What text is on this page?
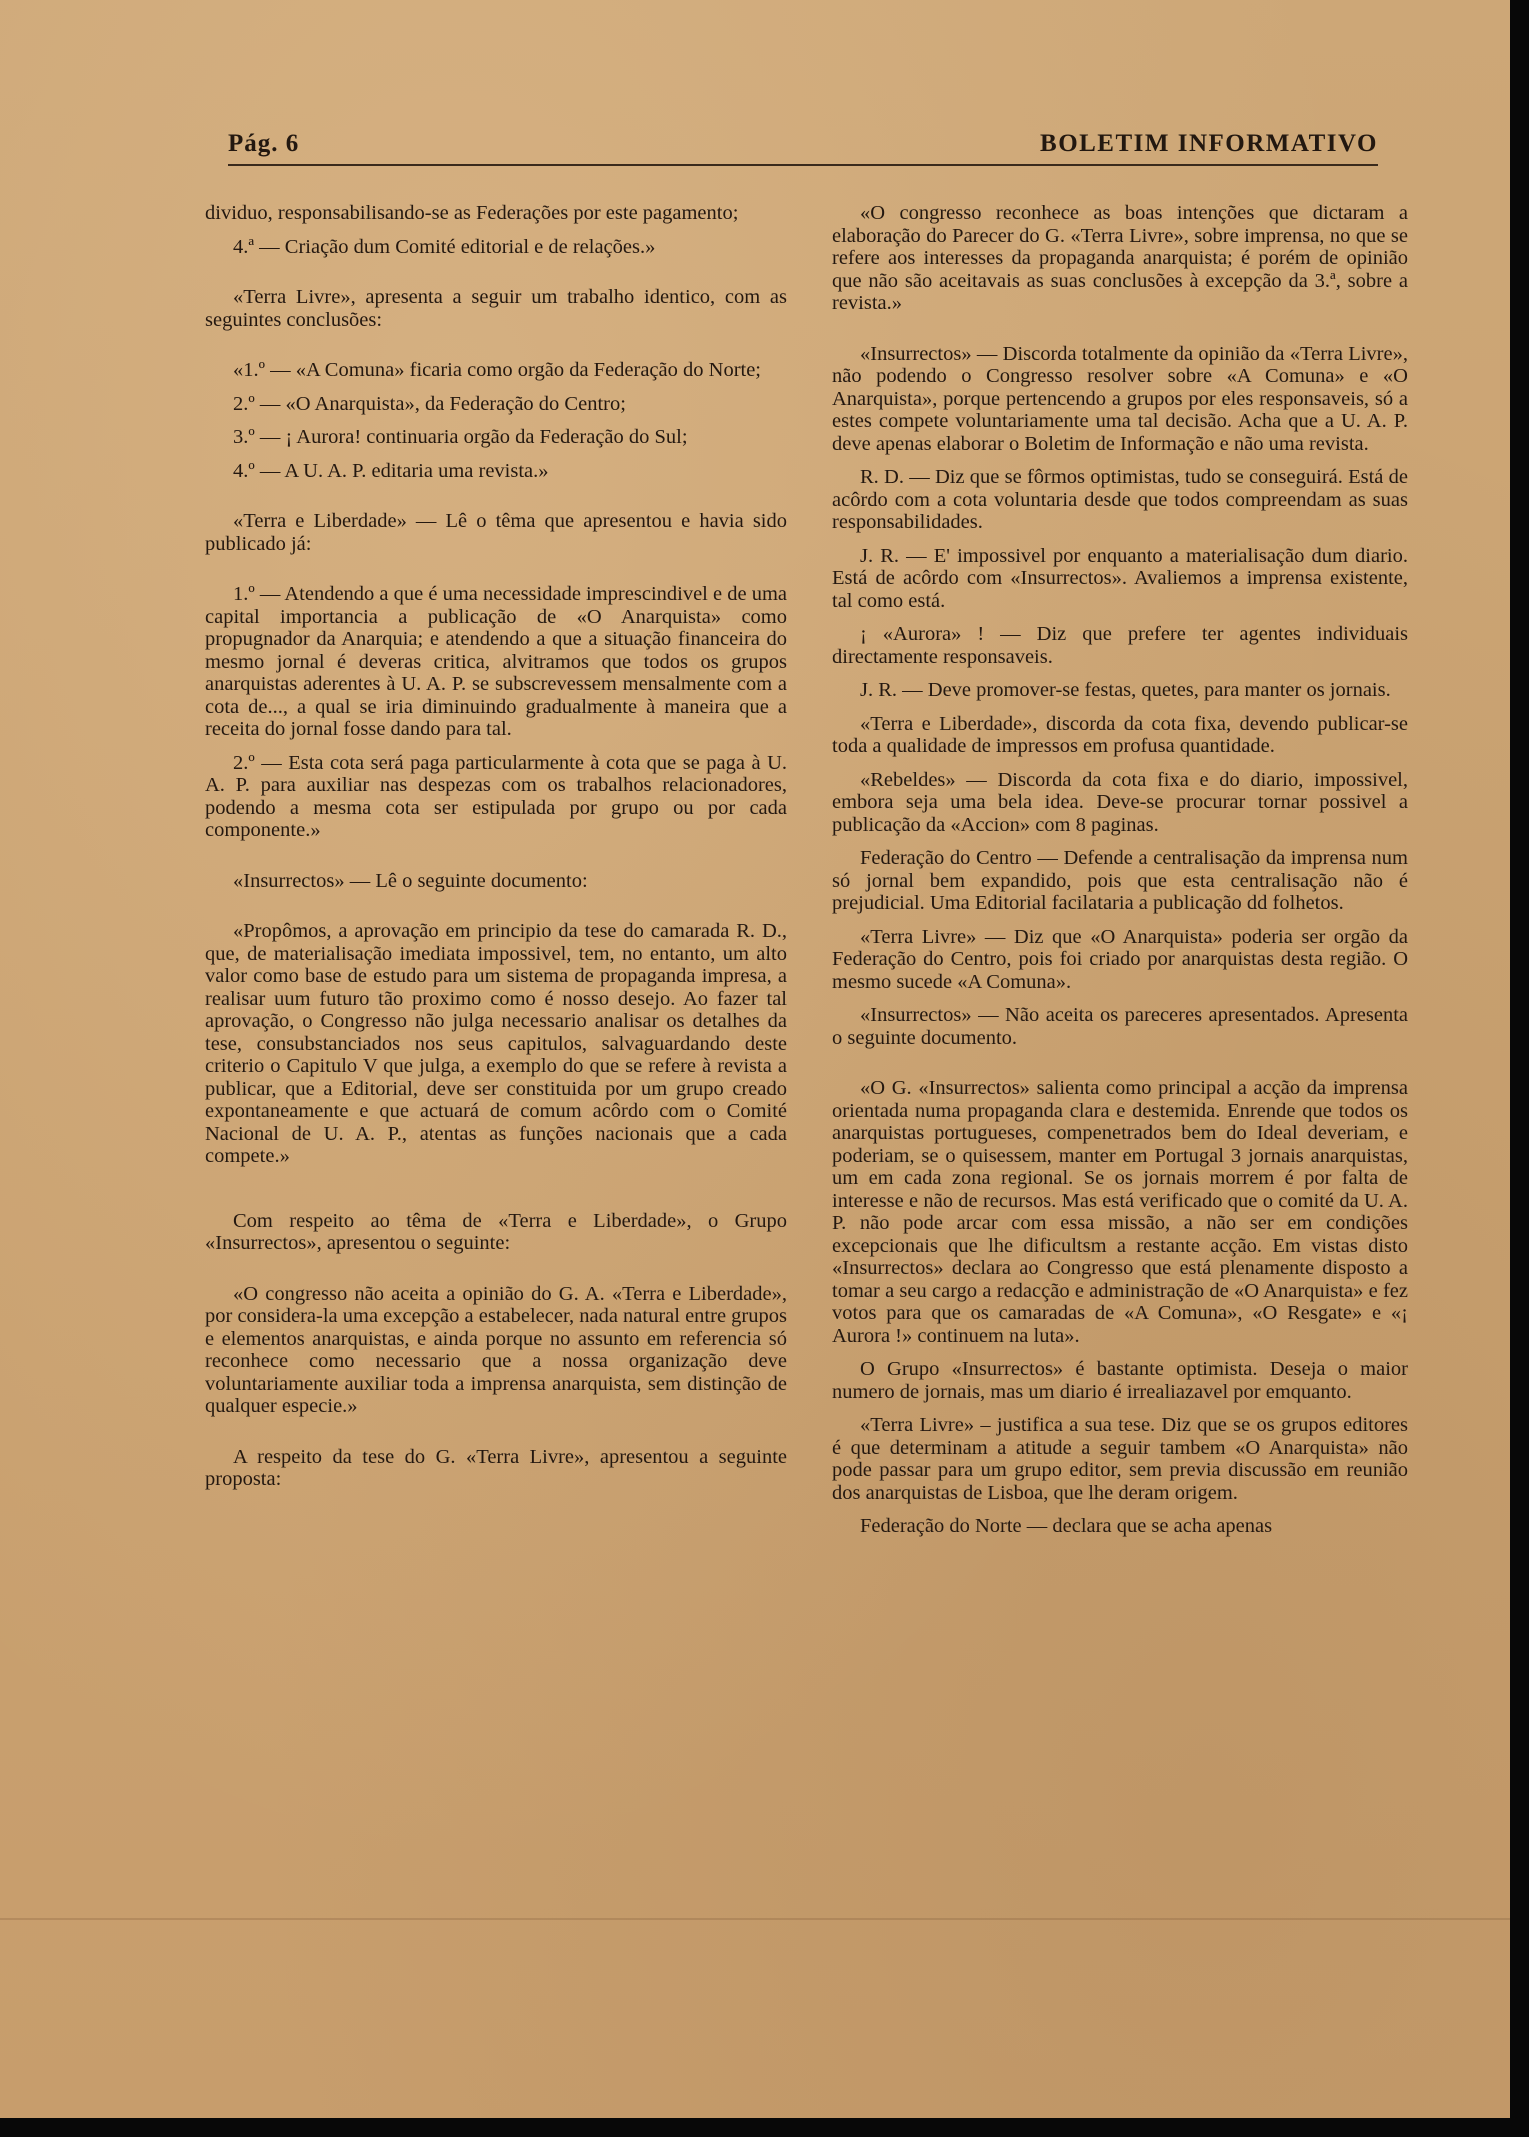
Pág. 6	BOLETIM INFORMATIVO

dividuo, responsabilisando-se as Federações por este pagamento;

4.ª — Criação dum Comité editorial e de relações.»

«Terra Livre», apresenta a seguir um trabalho identico, com as seguintes conclusões:

«1.º — «A Comuna» ficaria como orgão da Federação do Norte;

2.º — «O Anarquista», da Federação do Centro;

3.º — ¡ Aurora! continuaria orgão da Federação do Sul;

4.º — A U. A. P. editaria uma revista.»

«Terra e Liberdade» — Lê o têma que apresentou e havia sido publicado já:

1.º — Atendendo a que é uma necessidade imprescindivel e de uma capital importancia a publicação de «O Anarquista» como propugnador da Anarquia; e atendendo a que a situação financeira do mesmo jornal é deveras critica, alvitramos que todos os grupos anarquistas aderentes à U. A. P. se subscrevessem mensalmente com a cota de..., a qual se iria diminuindo gradualmente à maneira que a receita do jornal fosse dando para tal.

2.º — Esta cota será paga particularmente à cota que se paga à U. A. P. para auxiliar nas despezas com os trabalhos relacionadores, podendo a mesma cota ser estipulada por grupo ou por cada componente.»

«Insurrectos» — Lê o seguinte documento:

«Propômos, a aprovação em principio da tese do camarada R. D., que, de materialisação imediata impossivel, tem, no entanto, um alto valor como base de estudo para um sistema de propaganda impresa, a realisar uum futuro tão proximo como é nosso desejo. Ao fazer tal aprovação, o Congresso não julga necessario analisar os detalhes da tese, consubstanciados nos seus capitulos, salvaguardando deste criterio o Capitulo V que julga, a exemplo do que se refere à revista a publicar, que a Editorial, deve ser constituida por um grupo creado expontaneamente e que actuará de comum acôrdo com o Comité Nacional de U. A. P., atentas as funções nacionais que a cada compete.»

Com respeito ao têma de «Terra e Liberdade», o Grupo «Insurrectos», apresentou o seguinte:

«O congresso não aceita a opinião do G. A. «Terra e Liberdade», por considera-la uma excepção a estabelecer, nada natural entre grupos e elementos anarquistas, e ainda porque no assunto em referencia só reconhece como necessario que a nossa organização deve voluntariamente auxiliar toda a imprensa anarquista, sem distinção de qualquer especie.»

A respeito da tese do G. «Terra Livre», apresentou a seguinte proposta:

«O congresso reconhece as boas intenções que dictaram a elaboração do Parecer do G. «Terra Livre», sobre imprensa, no que se refere aos interesses da propaganda anarquista; é porém de opinião que não são aceitavais as suas conclusões à excepção da 3.ª, sobre a revista.»

«Insurrectos» — Discorda totalmente da opinião da «Terra Livre», não podendo o Congresso resolver sobre «A Comuna» e «O Anarquista», porque pertencendo a grupos por eles responsaveis, só a estes compete voluntariamente uma tal decisão. Acha que a U. A. P. deve apenas elaborar o Boletim de Informação e não uma revista.

R. D. — Diz que se fôrmos optimistas, tudo se conseguirá. Está de acôrdo com a cota voluntaria desde que todos compreendam as suas responsabilidades.

J. R. — E' impossivel por enquanto a materialisação dum diario. Está de acôrdo com «Insurrectos». Avaliemos a imprensa existente, tal como está.

¡ «Aurora» ! — Diz que prefere ter agentes individuais directamente responsaveis.

J. R. — Deve promover-se festas, quetes, para manter os jornais.

«Terra e Liberdade», discorda da cota fixa, devendo publicar-se toda a qualidade de impressos em profusa quantidade.

«Rebeldes» — Discorda da cota fixa e do diario, impossivel, embora seja uma bela idea. Deve-se procurar tornar possivel a publicação da «Accion» com 8 paginas.

Federação do Centro — Defende a centralisação da imprensa num só jornal bem expandido, pois que esta centralisação não é prejudicial. Uma Editorial facilataria a publicação dd folhetos.

«Terra Livre» — Diz que «O Anarquista» poderia ser orgão da Federação do Centro, pois foi criado por anarquistas desta região. O mesmo sucede «A Comuna».

«Insurrectos» — Não aceita os pareceres apresentados. Apresenta o seguinte documento.

«O G. «Insurrectos» salienta como principal a acção da imprensa orientada numa propaganda clara e destemida. Enrende que todos os anarquistas portugueses, compenetrados bem do Ideal deveriam, e poderiam, se o quisessem, manter em Portugal 3 jornais anarquistas, um em cada zona regional. Se os jornais morrem é por falta de interesse e não de recursos. Mas está verificado que o comité da U. A. P. não pode arcar com essa missão, a não ser em condições excepcionais que lhe dificultsm a restante acção. Em vistas disto «Insurrectos» declara ao Congresso que está plenamente disposto a tomar a seu cargo a redacção e administração de «O Anarquista» e fez votos para que os camaradas de «A Comuna», «O Resgate» e «¡ Aurora !» continuem na luta».

O Grupo «Insurrectos» é bastante optimista. Deseja o maior numero de jornais, mas um diario é irrealiazavel por emquanto.

«Terra Livre» – justifica a sua tese. Diz que se os grupos editores é que determinam a atitude a seguir tambem «O Anarquista» não pode passar para um grupo editor, sem previa discussão em reunião dos anarquistas de Lisboa, que lhe deram origem.

Federação do Norte — declara que se acha apenas
